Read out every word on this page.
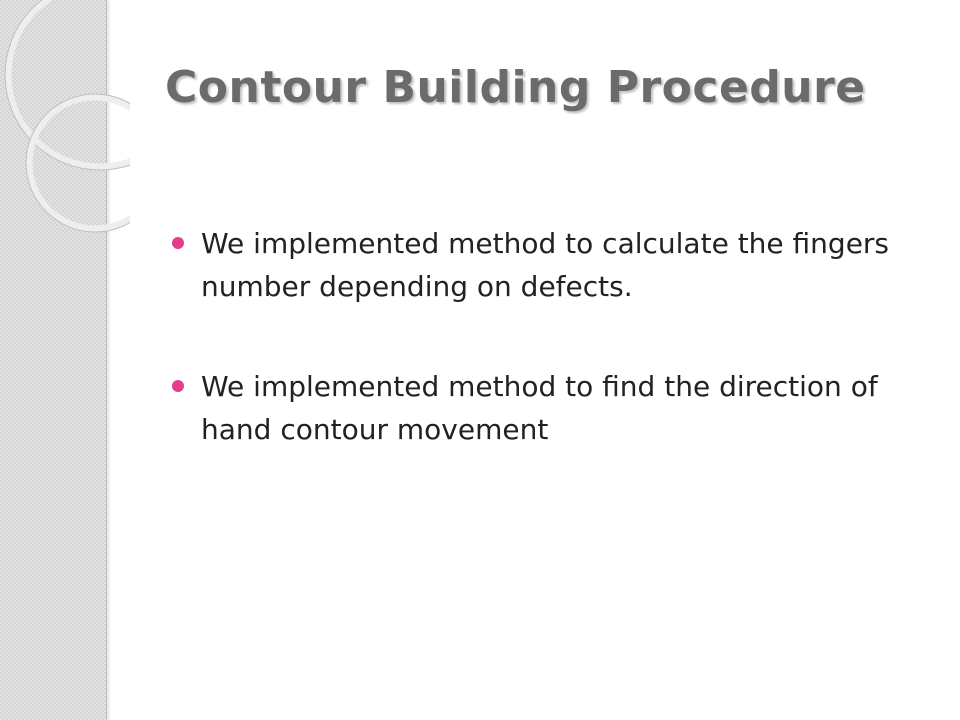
Contour Building Procedure
We implemented method to calculate the fingers number depending on defects.
We implemented method to find the direction of hand contour movement
